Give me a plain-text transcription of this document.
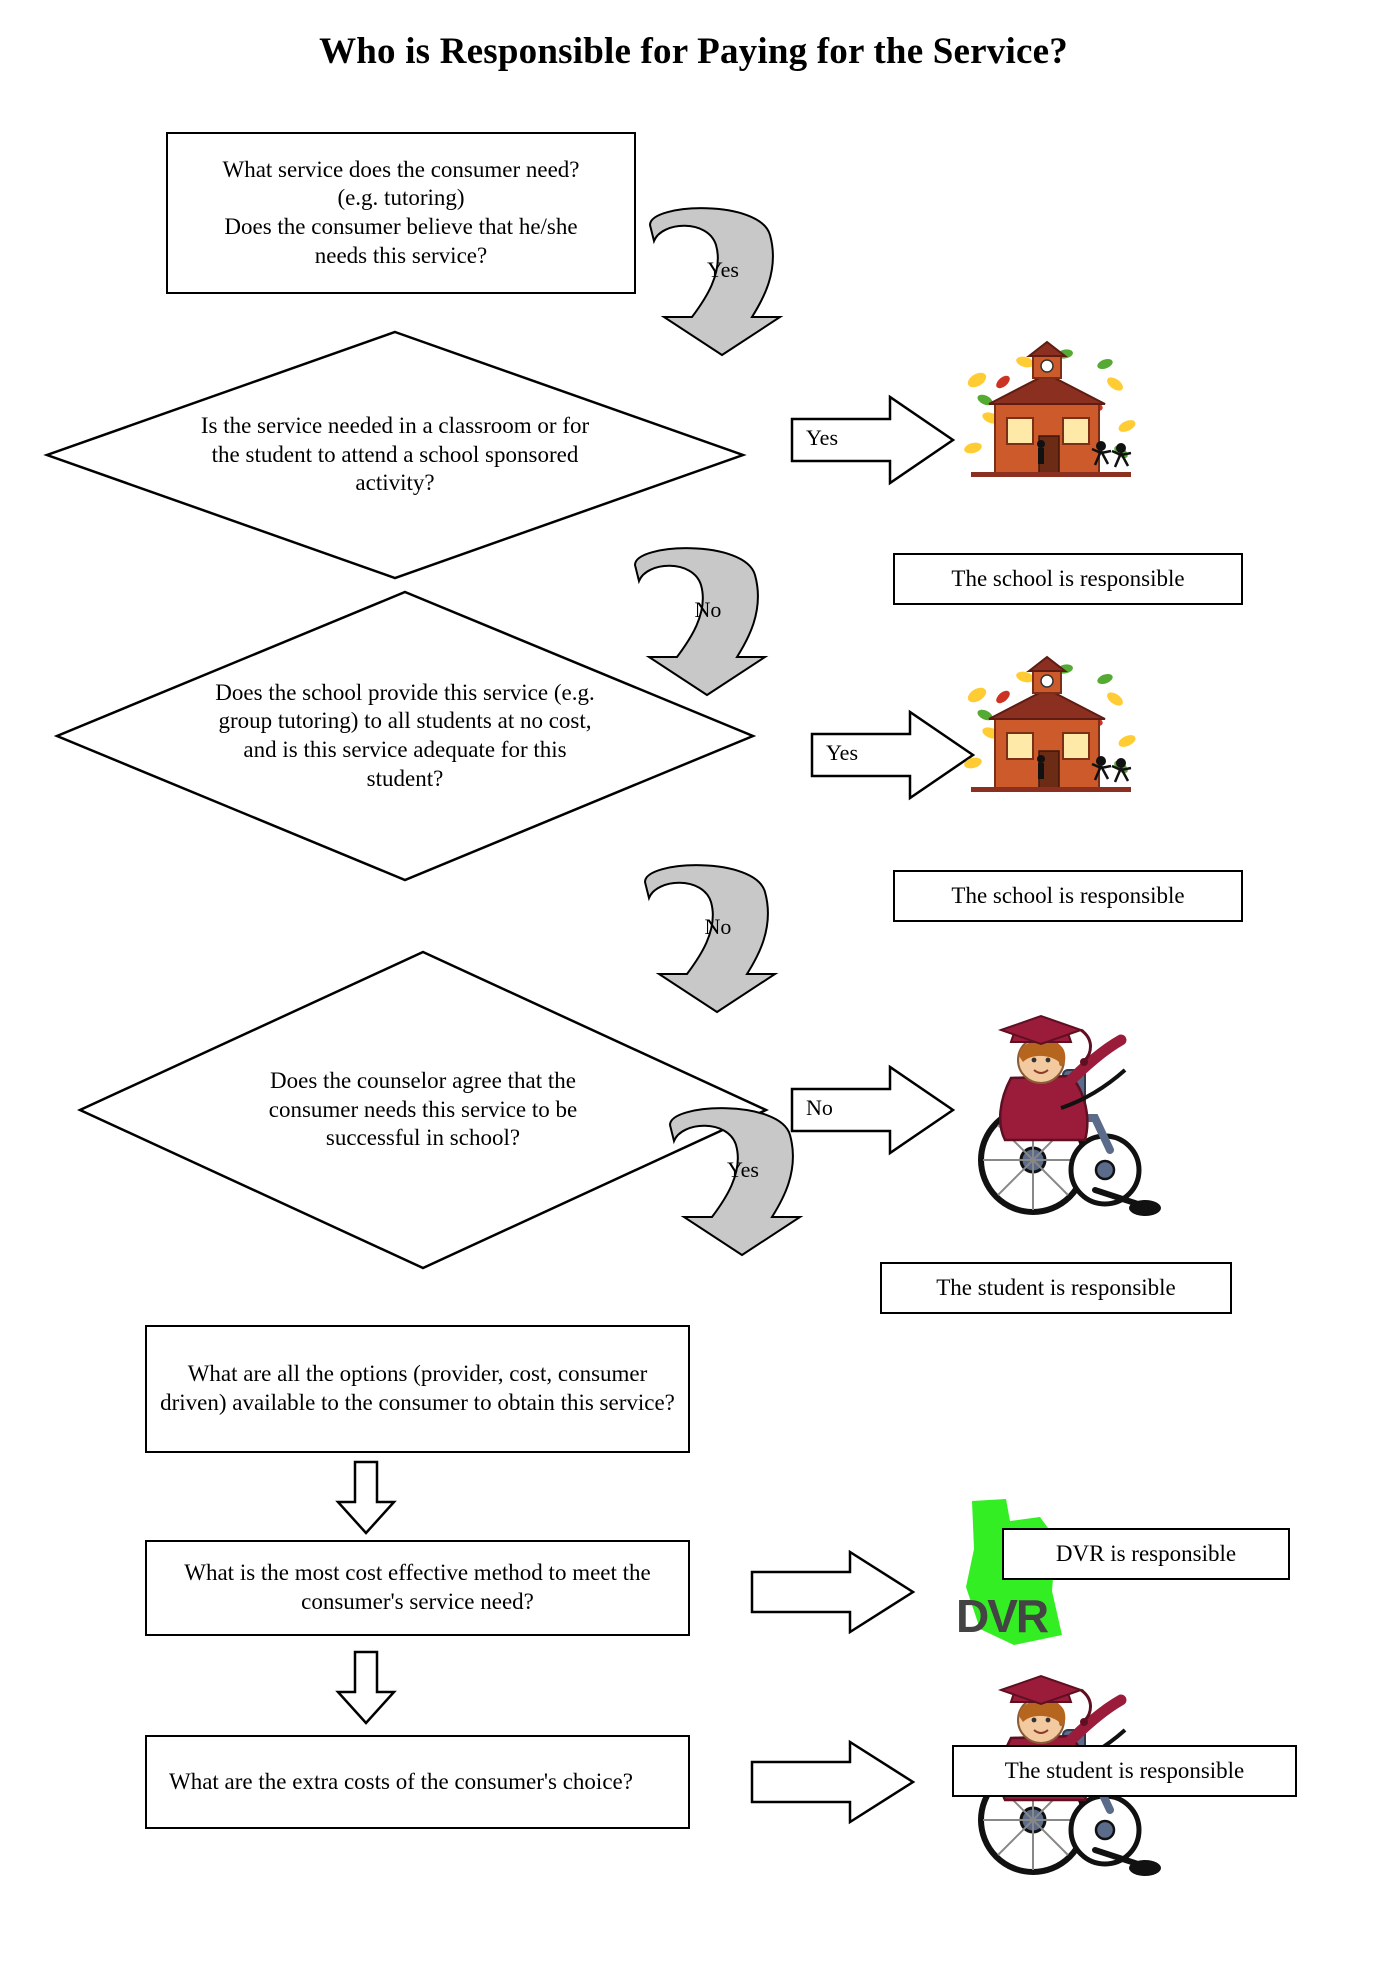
Who is Responsible for Paying for the Service?
What service does the consumer need?
(e.g. tutoring)
Does the consumer believe that he/she
needs this service?
Yes
Is the service needed in a classroom or for the student to attend a school sponsored activity?
Yes
The school is responsible
No
Does the school provide this service (e.g. group tutoring) to all students at no cost, and is this service adequate for this student?
Yes
The school is responsible
No
Does the counselor agree that the consumer needs this service to be successful in school?
No
Yes
The student is responsible
What are all the options (provider, cost, consumer driven) available to the consumer to obtain this service?
What is the most cost effective method to meet the consumer's service need?	DVR
DVR is responsible
What are the extra costs of the consumer's choice?	The student is responsible
